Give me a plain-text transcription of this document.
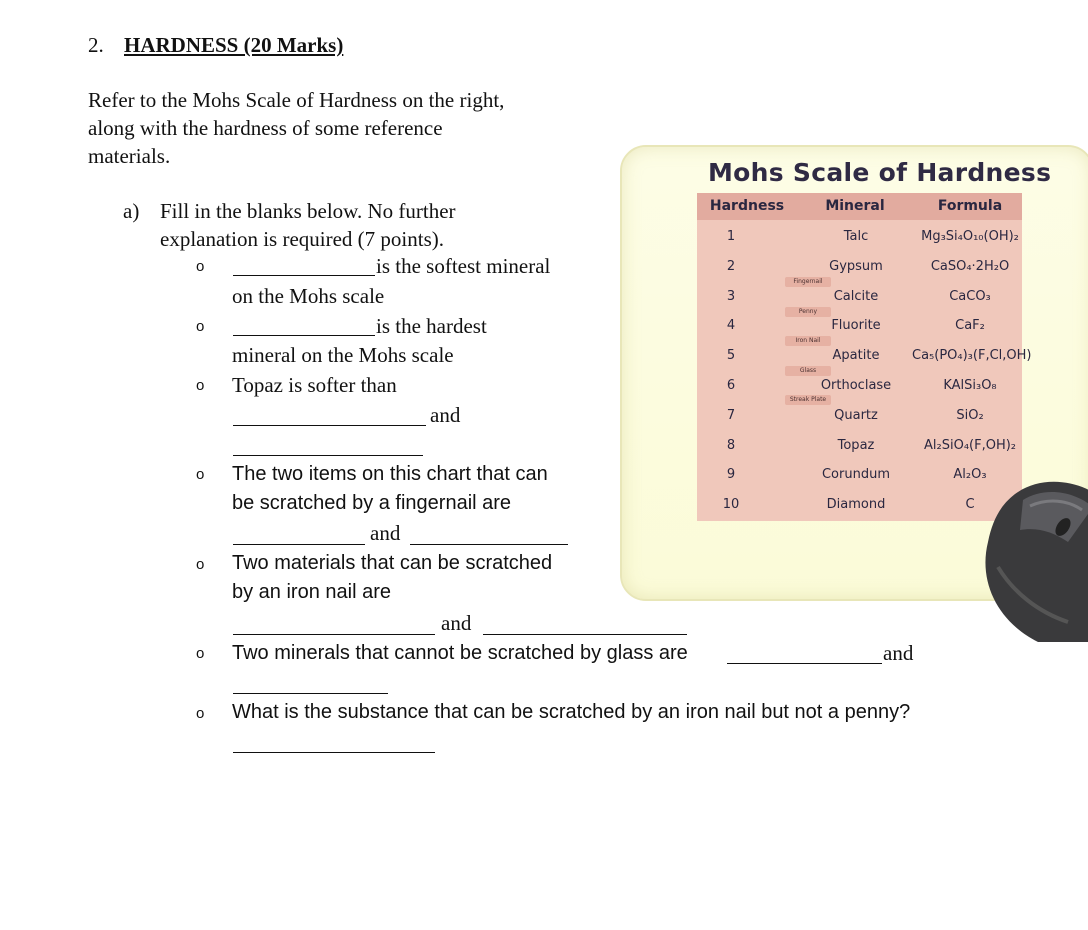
2. HARDNESS (20 Marks)
Refer to the Mohs Scale of Hardness on the right,
along with the hardness of some reference
materials.
a) Fill in the blanks below. No further
explanation is required (7 points).
o	is the softest mineral
on the Mohs scale
o	is the hardest
mineral on the Mohs scale
o Topaz is softer than
and
o The two items on this chart that can
be scratched by a fingernail are
and
o Two materials that can be scratched
by an iron nail are
and
o Two minerals that cannot be scratched by glass are	and
o What is the substance that can be scratched by an iron nail but not a penny?
Mohs Scale of Hardness
Hardness	Mineral	Formula
1	Talc	Mg₃Si₄O₁₀(OH)₂
2	Gypsum	CaSO₄·2H₂O
3	Calcite	CaCO₃
4	Fluorite	CaF₂
5	Apatite	Ca₅(PO₄)₃(F,Cl,OH)
6	Orthoclase	KAlSi₃O₈
7	Quartz	SiO₂
8	Topaz	Al₂SiO₄(F,OH)₂
9	Corundum	Al₂O₃
10	Diamond	C
Fingernail
Penny
Iron Nail
Glass
Streak Plate
